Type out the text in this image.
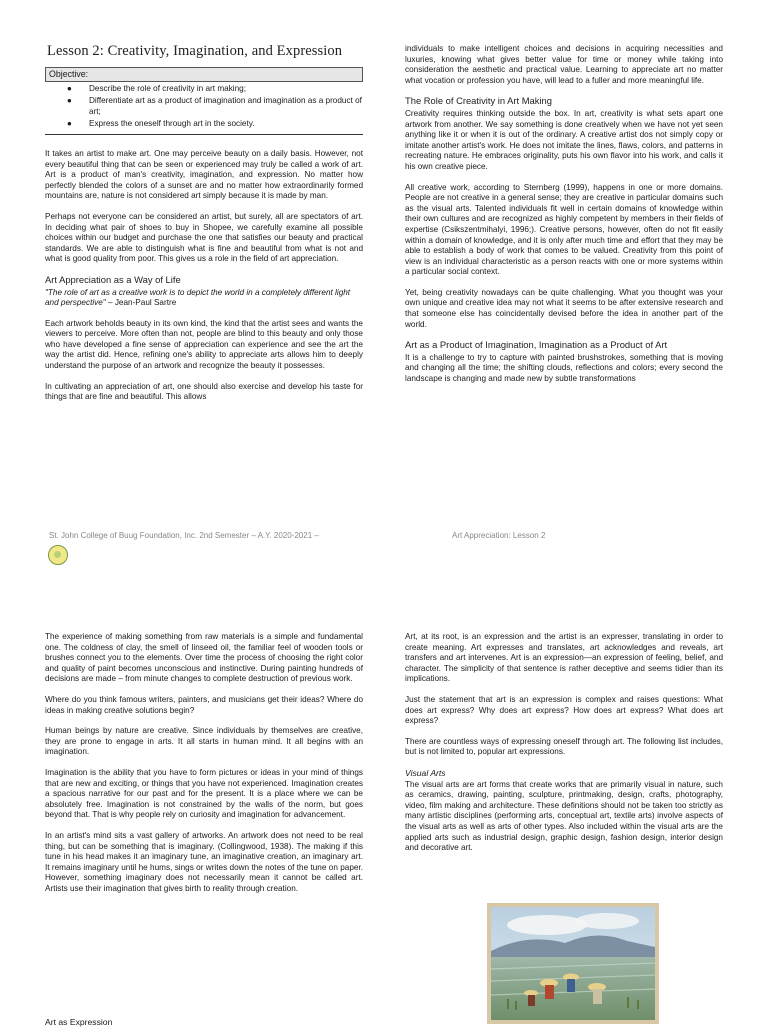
Lesson 2: Creativity, Imagination, and Expression
Objective:
● Describe the role of creativity in art making;
● Differentiate art as a product of imagination and imagination as a product of art;
● Express the oneself through art in the society.

It takes an artist to make art. One may perceive beauty on a daily basis. However, not every beautiful thing that can be seen or experienced may truly be called a work of art. Art is a product of man's creativity, imagination, and expression. No matter how perfectly blended the colors of a sunset are and no matter how extraordinarily formed mountains are, nature is not considered art simply because it is made by man.

Perhaps not everyone can be considered an artist, but surely, all are spectators of art. In deciding what pair of shoes to buy in Shopee, we carefully examine all possible choices within our budget and purchase the one that satisfies our beauty and practical standards. We are able to distinguish what is fine and beautiful from what is not and what is good quality from poor. This gives us a role in the field of art appreciation.

Art Appreciation as a Way of Life
"The role of art as a creative work is to depict the world in a completely different light and perspective" – Jean-Paul Sartre

Each artwork beholds beauty in its own kind, the kind that the artist sees and wants the viewers to perceive. More often than not, people are blind to this beauty and only those who have developed a fine sense of appreciation can experience and see the art the way the artist did. Hence, refining one's ability to appreciate arts allows him to deeply understand the purpose of an artwork and recognize the beauty it possesses.

In cultivating an appreciation of art, one should also exercise and develop his taste for things that are fine and beautiful. This allows

individuals to make intelligent choices and decisions in acquiring necessities and luxuries, knowing what gives better value for time or money while taking into consideration the aesthetic and practical value. Learning to appreciate art no matter what vocation or profession you have, will lead to a fuller and more meaningful life.

The Role of Creativity in Art Making

Creativity requires thinking outside the box. In art, creativity is what sets apart one artwork from another. We say something is done creatively when we have not yet seen anything like it or when it is out of the ordinary. A creative artist dos not simply copy or imitate another artist's work. He does not imitate the lines, flaws, colors, and patterns in recreating nature. He embraces originality, puts his own flavor into his work, and calls it his own creative piece.

All creative work, according to Sternberg (1999), happens in one or more domains. People are not creative in a general sense; they are creative in particular domains such as the visual arts. Talented individuals fit well in certain domains of knowledge within their own cultures and are recognized as highly competent by members in their fields of expertise (Csikszentmihalyi, 1996;). Creative persons, however, often do not fit easily within a domain of knowledge, and it is only after much time and effort that they may be able to establish a body of work that comes to be valued. Creativity from this point of view is an individual characteristic as a person reacts with one or more systems within a particular social context.

Yet, being creativity nowadays can be quite challenging. What you thought was your own unique and creative idea may not what it seems to be after extensive research and that someone else has coincidentally devised before the idea in another part of the world.

Art as a Product of Imagination, Imagination as a Product of Art

It is a challenge to try to capture with painted brushstrokes, something that is moving and changing all the time; the shifting clouds, reflections and colors; every second the landscape is changing and made new by subtle transformations

St. John College of Buug Foundation, Inc. 2nd Semester – A.Y. 2020-2021 –	Art Appreciation: Lesson 2

The experience of making something from raw materials is a simple and fundamental one. The coldness of clay, the smell of linseed oil, the familiar feel of wooden tools or brushes connect you to the elements. Over time the process of choosing the right color and quality of paint becomes unconscious and instinctive. During painting hundreds of decisions are made – from minute changes to complete destruction of previous work.

Where do you think famous writers, painters, and musicians get their ideas? Where do ideas in making creative solutions begin?

Human beings by nature are creative. Since individuals by themselves are creative, they are prone to engage in arts. It all starts in human mind. It all begins with an imagination.

Imagination is the ability that you have to form pictures or ideas in your mind of things that are new and exciting, or things that you have not experienced. Imagination creates a spacious narrative for our past and for the present. It is a place where we can be absolutely free. Imagination is not constrained by the walls of the norm, but goes beyond that. That is why people rely on curiosity and imagination for advancement.

In an artist's mind sits a vast gallery of artworks. An artwork does not need to be real thing, but can be something that is imaginary. (Collingwood, 1938). The making if this tune in his head makes it an imaginary tune, an imaginative creation, an imaginary art. It remains imaginary until he hums, sings or writes down the notes of the tune on paper. However, something imaginary does not necessarily mean it cannot be called art. Artists use their imagination that gives birth to reality through creation.

Art, at its root, is an expression and the artist is an expresser, translating in order to create meaning. Art expresses and translates, art acknowledges and reveals, art transfers and art intervenes. Art is an expression—an expression of feeling, belief, and character. The simplicity of that sentence is rather deceptive and seems tidier than its implications.

Just the statement that art is an expression is complex and raises questions: What does art express? Why does art express? How does art express? What does art express?

There are countless ways of expressing oneself through art. The following list includes, but is not limited to, popular art expressions.

Visual Arts

The visual arts are art forms that create works that are primarily visual in nature, such as ceramics, drawing, painting, sculpture, printmaking, design, crafts, photography, video, film making and architecture. These definitions should not be taken too strictly as many artistic disciplines (performing arts, conceptual art, textile arts) involve aspects of the visual arts as well as arts of other types. Also included within the visual arts are the applied arts such as industrial design, graphic design, fashion design, interior design and decorative art.

Art as Expression
